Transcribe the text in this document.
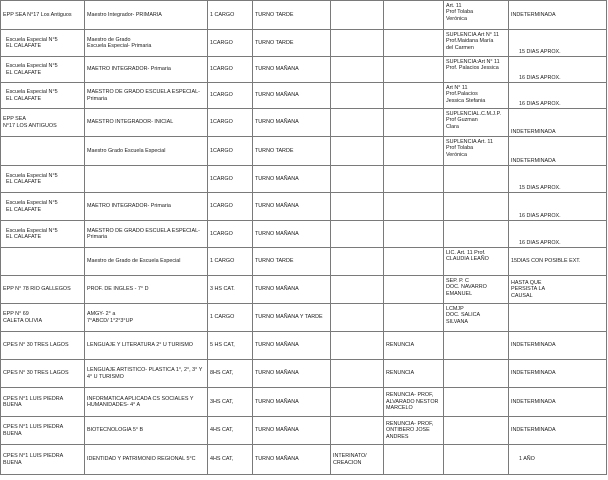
EPP SEA N°17 Los Antiguos	Maestro Integrador- PRIMARIA	1 CARGO	TURNO TARDE			Art. 11
Prof Tolaba
Verónica	INDETERMINADA
Escuela Especial N°5
EL CALAFATE	Maestro de Grado
Escuela Especial- Primaria	1CARGO	TURNO TARDE			SUPLENCIA Art N° 11
Prof.Maidana María
del Carmen	15 DIAS APROX.
Escuela Especial N°5
EL CALAFATE	MAETRO INTEGRADOR- Primaria	1CARGO	TURNO MAÑANA			SUPLENCIA:Art N° 11
Prof. Palacios Jessica	16 DIAS APROX.
Escuela Especial N°5
EL CALAFATE	MAESTRO DE GRADO ESCUELA ESPECIAL-
Primaria	1CARGO	TURNO MAÑANA			Art N° 11
Prof.Palacios
Jessica Stefania	16 DIAS APROX.
EPP SEA
N°17 LOS ANTIGUOS	MAESTRO INTEGRADOR- INICIAL	1CARGO	TURNO MAÑANA			SUPLENCIAL.C.M.J.P.
Prof Guzman
Clara	INDETERMINADA
	Maestro Grado Escuela Especial	1CARGO	TURNO TARDE			SUPLENCIA Art. 11
Prof Tolaba
Verónica	INDETERMINADA
Escuela Especial N°5
EL CALAFATE		1CARGO	TURNO MAÑANA				15 DIAS APROX.
Escuela Especial N°5
EL CALAFATE	MAETRO INTEGRADOR- Primaria	1CARGO	TURNO MAÑANA				16 DIAS APROX.
Escuela Especial N°5
EL CALAFATE	MAESTRO DE GRADO ESCUELA ESPECIAL-
Primaria	1CARGO	TURNO MAÑANA				16 DIAS APROX.
	Maestro de Grado de Escuela Especial	1 CARGO	TURNO TARDE			LIC. Art. 11 Prof.
CLAUDIA LEAÑO	15DIAS CON POSIBLE EXT.
EPP N° 78 RIO GALLEGOS	PROF. DE INGLES - 7° D	3 HS CAT.	TURNO MAÑANA			SEP. P. C
DOC. NAVARRO
EMANUEL	HASTA QUE
PERSISTA LA
CAUSAL
EPP N° 69
CALETA OLIVIA	AMGY- 2° a
7°ABCD/ 1°2°3°UP	1 CARGO	TURNO MAÑANA Y TARDE			LCMJP
DOC. SALICA
SILVANA	
CPES N° 30 TRES LAGOS	LENGUAJE Y LITERATURA 2° U TURISMO	5 HS CAT,	TURNO MAÑANA		RENUNCIA		INDETERMINADA
CPES N° 30 TRES LAGOS	LENGUAJE ARTISTICO- PLASTICA 1°, 2°, 3° Y
4° U TURISMO	8HS CAT,	TURNO MAÑANA		RENUNCIA		INDETERMINADA
CPES N°1 LUIS PIEDRA BUENA	INFORMATICA APLICADA CS SOCIALES Y
HUMANIDADES- 4° A	3HS CAT,	TURNO MAÑANA		RENUNCIA- PROF,
ALVARADO NESTOR
MARCELO		INDETERMINADA
CPES N°1 LUIS PIEDRA BUENA	BIOTECNOLOGIA 5° B	4HS CAT,	TURNO MAÑANA		RENUNCIA- PROF,
ONTIBERO JOSE
ANDRES		INDETERMINADA
CPES N°1 LUIS PIEDRA BUENA	IDENTIDAD Y PATRIMONIO REGIONAL 5°C	4HS CAT,	TURNO MAÑANA	INTERINATO/
CREACION			1 AÑO
